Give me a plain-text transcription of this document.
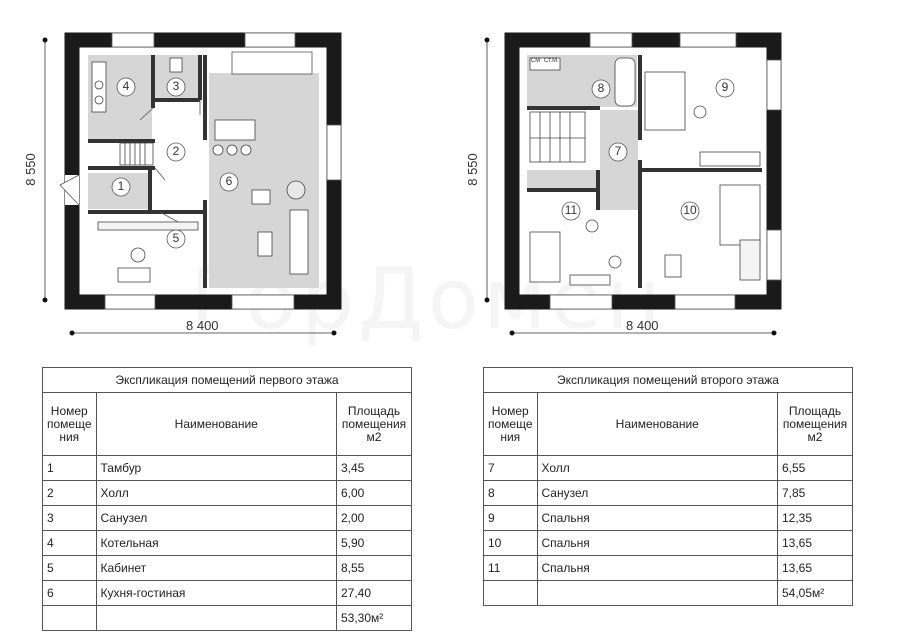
1
2
3
4
5
6
7
8	9
10
11
8 400
8 550
8 400
8 550
СМ Ст.М.
Экспликация помещений первого этажа		
Номер помеще ния	Наименование	Площадь помещения м2
1	Тамбур	3,45
2	Холл	6,00
3	Санузел	2,00
4	Котельная	5,90
5	Кабинет	8,55
6	Кухня-гостиная	27,40
		53,30м²
Экспликация помещений второго этажа		
Номер помеще ния	Наименование	Площадь помещения м2
7	Холл	6,55
8	Санузел	7,85
9	Спальня	12,35
10	Спальня	13,65
11	Спальня	13,65
		54,05м²
